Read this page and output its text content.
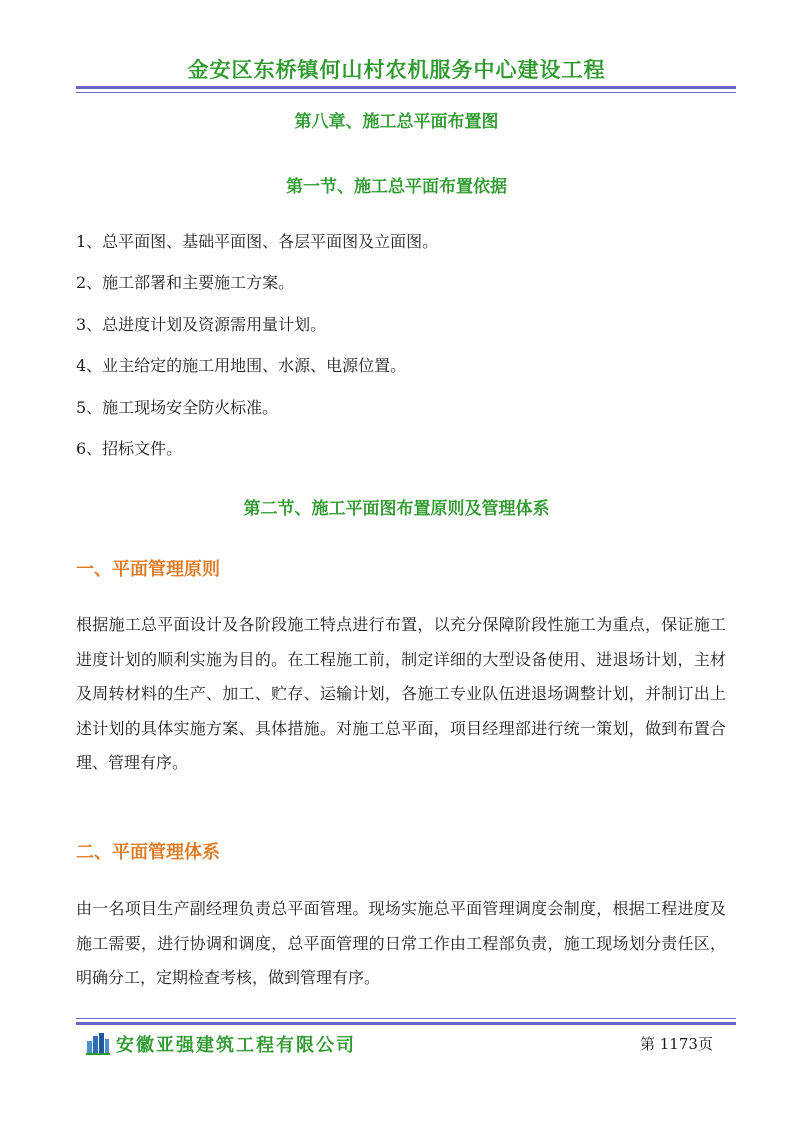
金安区东桥镇何山村农机服务中心建设工程
第八章、施工总平面布置图
第一节、施工总平面布置依据
1、总平面图、基础平面图、各层平面图及立面图。
2、施工部署和主要施工方案。
3、总进度计划及资源需用量计划。
4、业主给定的施工用地围、水源、电源位置。
5、施工现场安全防火标准。
6、招标文件。
第二节、施工平面图布置原则及管理体系
一、平面管理原则
根据施工总平面设计及各阶段施工特点进行布置，以充分保障阶段性施工为重点，保证施工进度计划的顺利实施为目的。在工程施工前，制定详细的大型设备使用、进退场计划，主材及周转材料的生产、加工、贮存、运输计划，各施工专业队伍进退场调整计划，并制订出上述计划的具体实施方案、具体措施。对施工总平面，项目经理部进行统一策划，做到布置合理、管理有序。
二、平面管理体系
由一名项目生产副经理负责总平面管理。现场实施总平面管理调度会制度，根据工程进度及施工需要，进行协调和调度，总平面管理的日常工作由工程部负责，施工现场划分责任区，明确分工，定期检查考核，做到管理有序。
安徽亚强建筑工程有限公司	第 1173页
